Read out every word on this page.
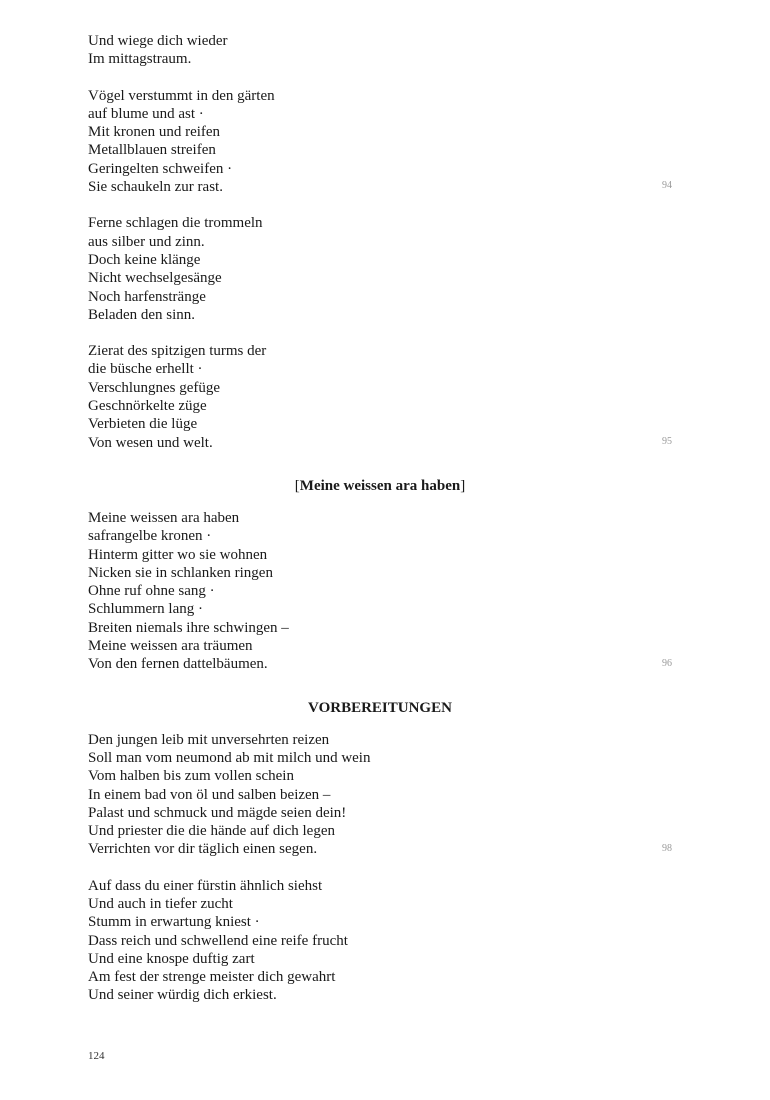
Und wiege dich wieder
Im mittagstraum.
Vögel verstummt in den gärten
auf blume und ast ·
Mit kronen und reifen
Metallblauen streifen
Geringelten schweifen ·
Sie schaukeln zur rast.	94
Ferne schlagen die trommeln
aus silber und zinn.
Doch keine klänge
Nicht wechselgesänge
Noch harfenstränge
Beladen den sinn.
Zierat des spitzigen turms der
die büsche erhellt ·
Verschlungnes gefüge
Geschnörkelte züge
Verbieten die lüge
Von wesen und welt.	95
[Meine weissen ara haben]
Meine weissen ara haben
safrangelbe kronen ·
Hinterm gitter wo sie wohnen
Nicken sie in schlanken ringen
Ohne ruf ohne sang ·
Schlummern lang ·
Breiten niemals ihre schwingen –
Meine weissen ara träumen
Von den fernen dattelbäumen.	96
VORBEREITUNGEN
Den jungen leib mit unversehrten reizen
Soll man vom neumond ab mit milch und wein
Vom halben bis zum vollen schein
In einem bad von öl und salben beizen –
Palast und schmuck und mägde seien dein!
Und priester die die hände auf dich legen
Verrichten vor dir täglich einen segen.	98
Auf dass du einer fürstin ähnlich siehst
Und auch in tiefer zucht
Stumm in erwartung kniest ·
Dass reich und schwellend eine reife frucht
Und eine knospe duftig zart
Am fest der strenge meister dich gewahrt
Und seiner würdig dich erkiest.
124
